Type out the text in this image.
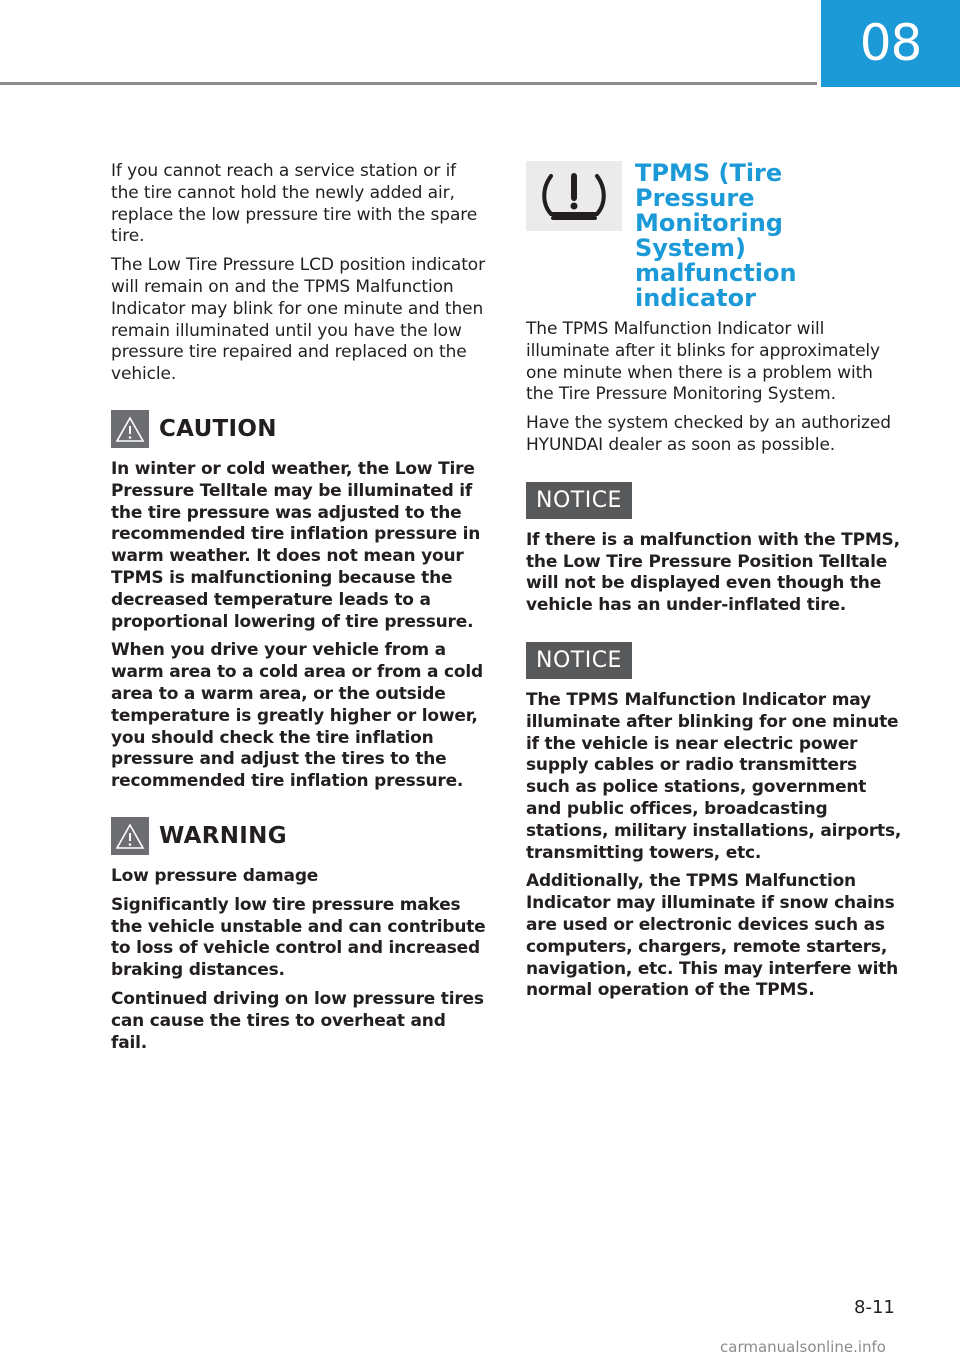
08

If you cannot reach a service station or if the tire cannot hold the newly added air, replace the low pressure tire with the spare tire.

The Low Tire Pressure LCD position indicator will remain on and the TPMS Malfunction Indicator may blink for one minute and then remain illuminated until you have the low pressure tire repaired and replaced on the vehicle.

CAUTION

In winter or cold weather, the Low Tire Pressure Telltale may be illuminated if the tire pressure was adjusted to the recommended tire inflation pressure in warm weather. It does not mean your TPMS is malfunctioning because the decreased temperature leads to a proportional lowering of tire pressure.

When you drive your vehicle from a warm area to a cold area or from a cold area to a warm area, or the outside temperature is greatly higher or lower, you should check the tire inflation pressure and adjust the tires to the recommended tire inflation pressure.

WARNING

Low pressure damage

Significantly low tire pressure makes the vehicle unstable and can contribute to loss of vehicle control and increased braking distances.

Continued driving on low pressure tires can cause the tires to overheat and fail.

TPMS (Tire Pressure Monitoring System) malfunction indicator

The TPMS Malfunction Indicator will illuminate after it blinks for approximately one minute when there is a problem with the Tire Pressure Monitoring System.

Have the system checked by an authorized HYUNDAI dealer as soon as possible.

NOTICE

If there is a malfunction with the TPMS, the Low Tire Pressure Position Telltale will not be displayed even though the vehicle has an under-inflated tire.

NOTICE

The TPMS Malfunction Indicator may illuminate after blinking for one minute if the vehicle is near electric power supply cables or radio transmitters such as police stations, government and public offices, broadcasting stations, military installations, airports, transmitting towers, etc.

Additionally, the TPMS Malfunction Indicator may illuminate if snow chains are used or electronic devices such as computers, chargers, remote starters, navigation, etc. This may interfere with normal operation of the TPMS.

8-11
carmanualsonline.info
